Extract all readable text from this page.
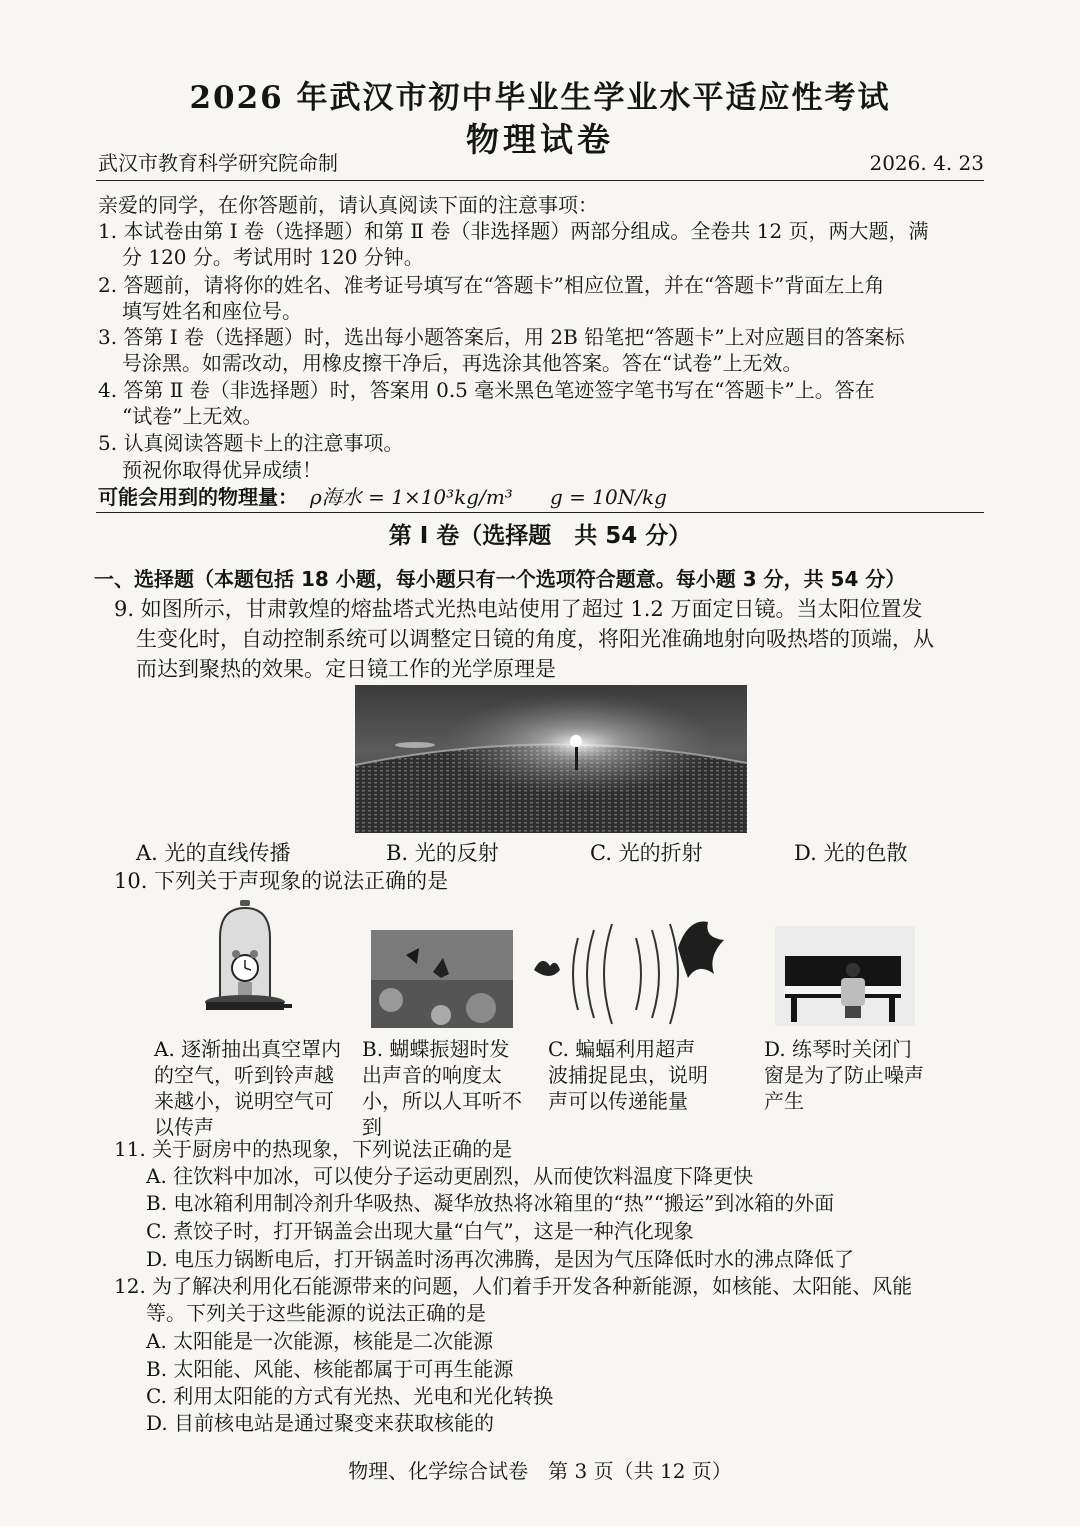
2026 年武汉市初中毕业生学业水平适应性考试
物理试卷
武汉市教育科学研究院命制	2026. 4. 23
亲爱的同学，在你答题前，请认真阅读下面的注意事项：
1. 本试卷由第 Ⅰ 卷（选择题）和第 Ⅱ 卷（非选择题）两部分组成。全卷共 12 页，两大题，满
分 120 分。考试用时 120 分钟。
2. 答题前，请将你的姓名、准考证号填写在“答题卡”相应位置，并在“答题卡”背面左上角
填写姓名和座位号。
3. 答第 Ⅰ 卷（选择题）时，选出每小题答案后，用 2B 铅笔把“答题卡”上对应题目的答案标
号涂黑。如需改动，用橡皮擦干净后，再选涂其他答案。答在“试卷”上无效。
4. 答第 Ⅱ 卷（非选择题）时，答案用 0.5 毫米黑色笔迹签字笔书写在“答题卡”上。答在
“试卷”上无效。
5. 认真阅读答题卡上的注意事项。
预祝你取得优异成绩！
可能会用到的物理量： ρ海水 = 1×10³kg/m³ g = 10N/kg
第 Ⅰ 卷（选择题　共 54 分）
一、选择题（本题包括 18 小题，每小题只有一个选项符合题意。每小题 3 分，共 54 分）
9. 如图所示，甘肃敦煌的熔盐塔式光热电站使用了超过 1.2 万面定日镜。当太阳位置发
生变化时，自动控制系统可以调整定日镜的角度，将阳光准确地射向吸热塔的顶端，从
而达到聚热的效果。定日镜工作的光学原理是
A. 光的直线传播	B. 光的反射	C. 光的折射	D. 光的色散
10. 下列关于声现象的说法正确的是
A. 逐渐抽出真空罩内的空气，听到铃声越来越小，说明空气可以传声
B. 蝴蝶振翅时发出声音的响度太小，所以人耳听不到
C. 蝙蝠利用超声波捕捉昆虫，说明声可以传递能量
D. 练琴时关闭门窗是为了防止噪声产生
11. 关于厨房中的热现象，下列说法正确的是
A. 往饮料中加冰，可以使分子运动更剧烈，从而使饮料温度下降更快
B. 电冰箱利用制冷剂升华吸热、凝华放热将冰箱里的“热”“搬运”到冰箱的外面
C. 煮饺子时，打开锅盖会出现大量“白气”，这是一种汽化现象
D. 电压力锅断电后，打开锅盖时汤再次沸腾，是因为气压降低时水的沸点降低了
12. 为了解决利用化石能源带来的问题，人们着手开发各种新能源，如核能、太阳能、风能
等。下列关于这些能源的说法正确的是
A. 太阳能是一次能源，核能是二次能源
B. 太阳能、风能、核能都属于可再生能源
C. 利用太阳能的方式有光热、光电和光化转换
D. 目前核电站是通过聚变来获取核能的
物理、化学综合试卷　第 3 页（共 12 页）
